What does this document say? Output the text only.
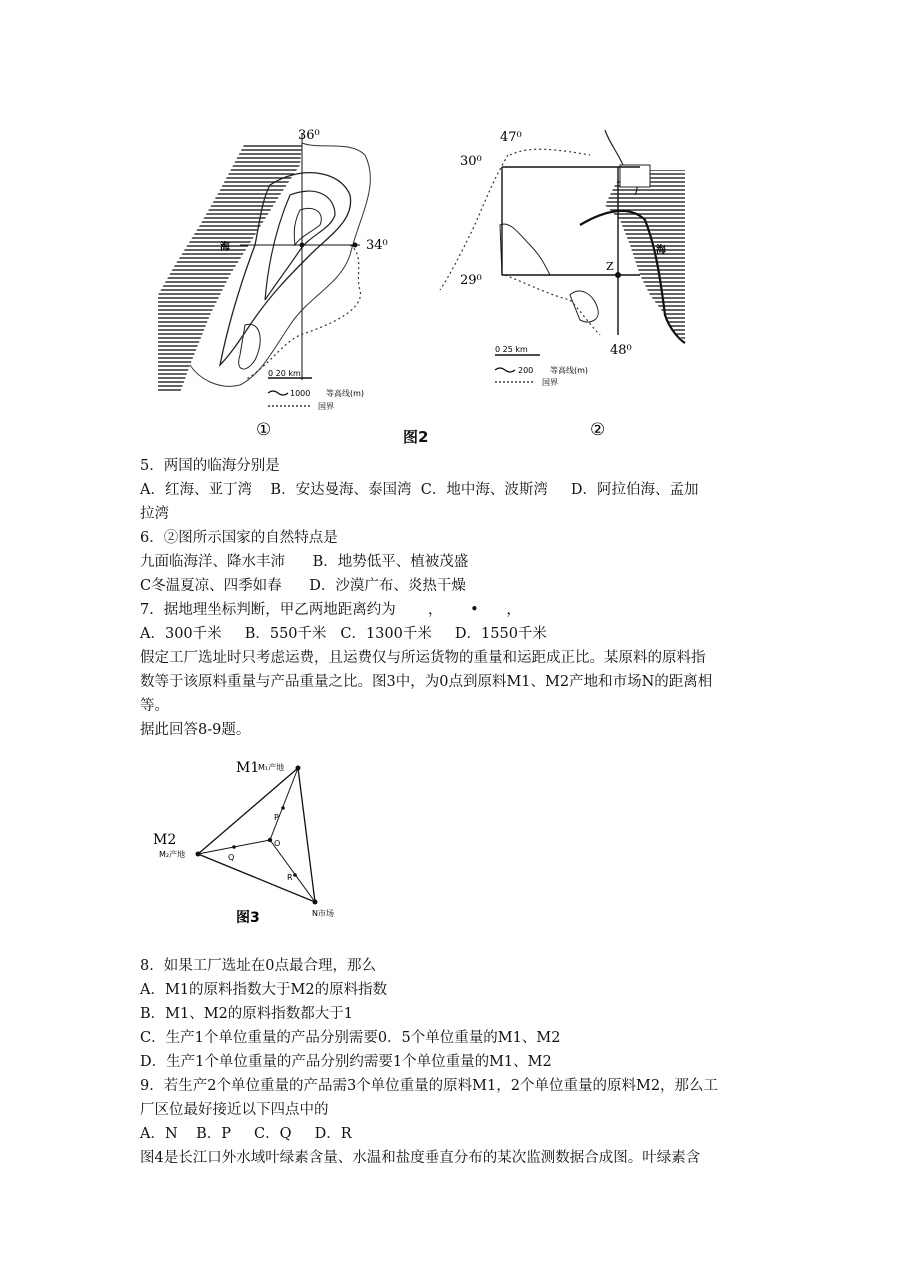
36⁰
34⁰
海
0 20 km
1000 等高线(m)
国界
①	图2
47⁰
30⁰
29⁰
Z
海
48⁰
0 25 km
200 等高线(m)
国界
②
5．两国的临海分别是
A．红海、亚丁湾    B．安达曼海、泰国湾  C．地中海、波斯湾     D．阿拉伯海、孟加
拉湾
6．②图所示国家的自然特点是
九面临海洋、降水丰沛      B．地势低平、植被茂盛
C冬温夏凉、四季如春      D．沙漠广布、炎热干燥
7．据地理坐标判断，甲乙两地距离约为       ，      •      ，
A．300千米     B．550千米   C．1300千米     D．1550千米
假定工厂选址时只考虑运费，且运费仅与所运货物的重量和运距成正比。某原料的原料指
数等于该原料重量与产品重量之比。图3中，为0点到原料M1、M2产地和市场N的距离相
等。
据此回答8-9题。
M1
M₁产地
M2
M₂产地
N市场
O
P
Q
R
图3
8．如果工厂选址在0点最合理，那么
A．M1的原料指数大于M2的原料指数
B．M1、M2的原料指数都大于1
C．生产1个单位重量的产品分别需要0．5个单位重量的M1、M2
D．生产1个单位重量的产品分别约需要1个单位重量的M1、M2
9．若生产2个单位重量的产品需3个单位重量的原料M1，2个单位重量的原料M2，那么工
厂区位最好接近以下四点中的
A．N    B．P     C．Q     D．R
图4是长江口外水域叶绿素含量、水温和盐度垂直分布的某次监测数据合成图。叶绿素含
